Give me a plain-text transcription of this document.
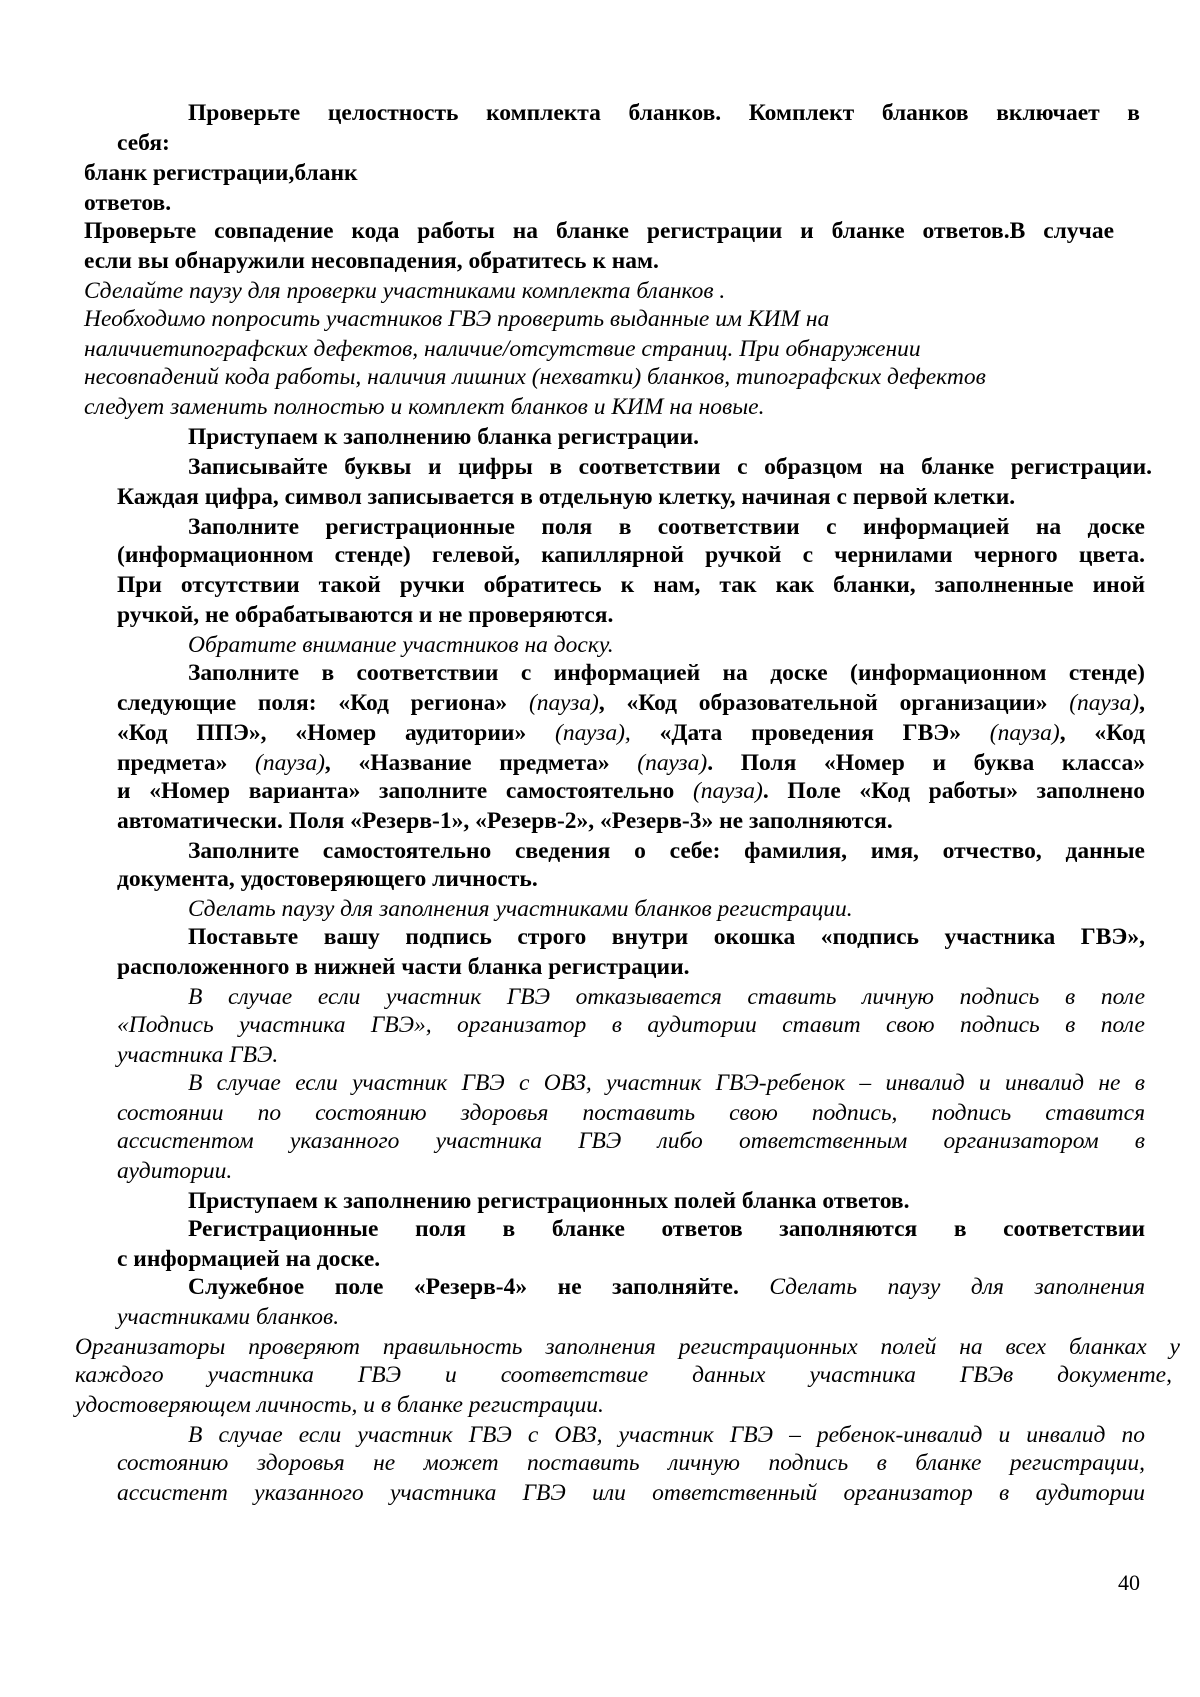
Проверьте целостность комплекта бланков. Комплект бланков включает в
себя:
бланк регистрации,бланк
ответов.
Проверьте совпадение кода работы на бланке регистрации и бланке ответов.В случае
если вы обнаружили несовпадения, обратитесь к нам.
Сделайте паузу для проверки участниками комплекта бланков .
Необходимо попросить участников ГВЭ проверить выданные им КИМ на
наличиетипографских дефектов, наличие/отсутствие страниц. При обнаружении
несовпадений кода работы, наличия лишних (нехватки) бланков, типографских дефектов
следует заменить полностью и комплект бланков и КИМ на новые.
Приступаем к заполнению бланка регистрации.
Записывайте буквы и цифры в соответствии с образцом на бланке регистрации.
Каждая цифра, символ записывается в отдельную клетку, начиная с первой клетки.
Заполните регистрационные поля в соответствии с информацией на доске
(информационном стенде) гелевой, капиллярной ручкой с чернилами черного цвета.
При отсутствии такой ручки обратитесь к нам, так как бланки, заполненные иной
ручкой, не обрабатываются и не проверяются.
Обратите внимание участников на доску.
Заполните в соответствии с информацией на доске (информационном стенде)
следующие поля: «Код региона» (пауза), «Код образовательной организации» (пауза),
«Код ППЭ», «Номер аудитории» (пауза), «Дата проведения ГВЭ» (пауза), «Код
предмета» (пауза), «Название предмета» (пауза). Поля «Номер и буква класса»
и «Номер варианта» заполните самостоятельно (пауза). Поле «Код работы» заполнено
автоматически. Поля «Резерв-1», «Резерв-2», «Резерв-3» не заполняются.
Заполните самостоятельно сведения о себе: фамилия, имя, отчество, данные
документа, удостоверяющего личность.
Сделать паузу для заполнения участниками бланков регистрации.
Поставьте вашу подпись строго внутри окошка «подпись участника ГВЭ»,
расположенного в нижней части бланка регистрации.
В случае если участник ГВЭ отказывается ставить личную подпись в поле
«Подпись участника ГВЭ», организатор в аудитории ставит свою подпись в поле
участника ГВЭ.
В случае если участник ГВЭ с ОВЗ, участник ГВЭ-ребенок – инвалид и инвалид не в
состоянии по состоянию здоровья поставить свою подпись, подпись ставится
ассистентом указанного участника ГВЭ либо ответственным организатором в
аудитории.
Приступаем к заполнению регистрационных полей бланка ответов.
Регистрационные поля в бланке ответов заполняются в соответствии
с информацией на доске.
Служебное поле «Резерв-4» не заполняйте. Сделать паузу для заполнения
участниками бланков.
Организаторы проверяют правильность заполнения регистрационных полей на всех бланках у
каждого участника ГВЭ и соответствие данных участника ГВЭв документе,
удостоверяющем личность, и в бланке регистрации.
В случае если участник ГВЭ с ОВЗ, участник ГВЭ – ребенок-инвалид и инвалид по
состоянию здоровья не может поставить личную подпись в бланке регистрации,
ассистент указанного участника ГВЭ или ответственный организатор в аудитории
40
